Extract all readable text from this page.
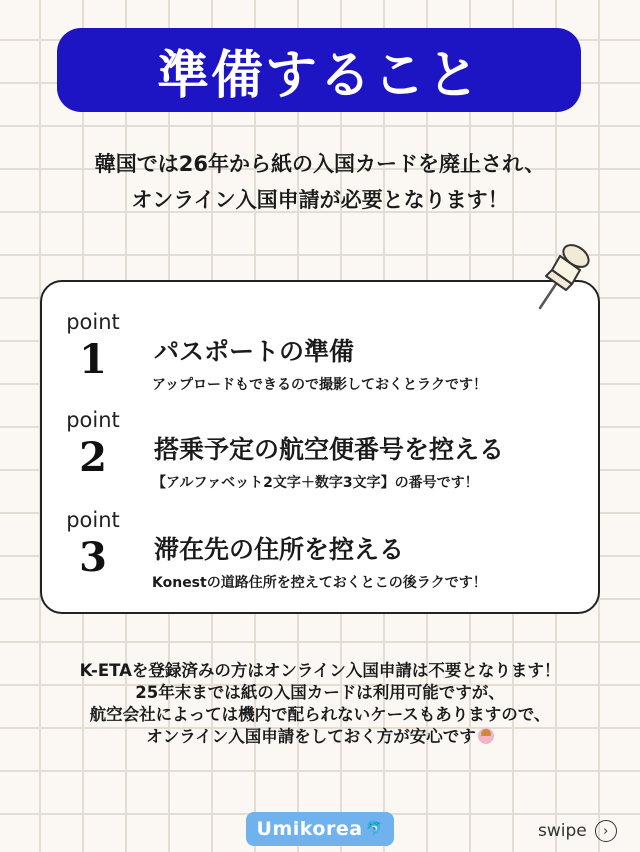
準備すること
韓国では26年から紙の入国カードを廃止され、
オンライン入国申請が必要となります！
point
1	パスポートの準備
アップロードもできるので撮影しておくとラクです！
point
2	搭乗予定の航空便番号を控える
【アルファベット2文字＋数字3文字】の番号です！
point
3	滞在先の住所を控える
Konestの道路住所を控えておくとこの後ラクです！
K-ETAを登録済みの方はオンライン入国申請は不要となります！
25年末までは紙の入国カードは利用可能ですが、
航空会社によっては機内で配られないケースもありますので、
オンライン入国申請をしておく方が安心です
Umikorea 🐬	swipe	›
